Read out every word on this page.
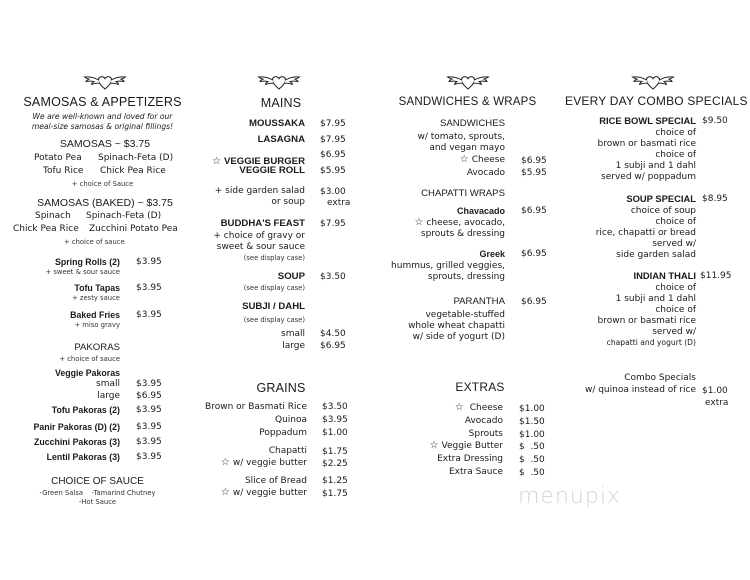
SAMOSAS & APPETIZERS
We are well-known and loved for our
meal-size samosas & original fillings!
SAMOSAS ~ $3.75
Potato Pea Spinach-Feta (D)
Tofu Rice Chick Pea Rice
+ choice of Sauce
SAMOSAS (BAKED) ~ $3.75
Spinach Spinach-Feta (D)
Chick Pea Rice Zucchini Potato Pea
+ choice of sauce
Spring Rolls (2) $3.95
+ sweet & sour sauce
Tofu Tapas $3.95
+ zesty sauce
Baked Fries $3.95
+ miso gravy
PAKORAS
+ choice of sauce
Veggie Pakoras
small $3.95
large $6.95
Tofu Pakoras (2) $3.95
Panir Pakoras (D) (2) $3.95
Zucchini Pakoras (3) $3.95
Lentil Pakoras (3) $3.95
CHOICE OF SAUCE
-Green Salsa    -Tamarind Chutney
-Hot Sauce
MAINS
MOUSSAKA $7.95
LASAGNA $7.95
☆ VEGGIE BURGER
$6.95
VEGGIE ROLL $5.95
+ side garden salad
or soup
$3.00
extra
BUDDHA'S FEAST $7.95
+ choice of gravy or
sweet & sour sauce
(see display case)
SOUP $3.50
(see display case)
SUBJI / DAHL
(see display case)
small $4.50
large $6.95
GRAINS
Brown or Basmati Rice $3.50
Quinoa $3.95
Poppadum $1.00
Chapatti $1.75
☆ w/ veggie butter $2.25
Slice of Bread $1.25
☆ w/ veggie butter $1.75
SANDWICHES & WRAPS
SANDWICHES
w/ tomato, sprouts,
and vegan mayo
☆ Cheese $6.95
Avocado $5.95
CHAPATTI WRAPS
Chavacado $6.95
☆ cheese, avocado,
sprouts & dressing
Greek $6.95
hummus, grilled veggies,
sprouts, dressing
PARANTHA $6.95
vegetable-stuffed
whole wheat chapatti
w/ side of yogurt (D)
EXTRAS
☆ Cheese $1.00
Avocado $1.50
Sprouts $1.00
☆ Veggie Butter $  .50
Extra Dressing $  .50
Extra Sauce $  .50
EVERY DAY COMBO SPECIALS
RICE BOWL SPECIAL $9.50
choice of
brown or basmati rice
choice of
1 subji and 1 dahl
served w/ poppadum
SOUP SPECIAL $8.95
choice of soup
choice of
rice, chapatti or bread
served w/
side garden salad
INDIAN THALI $11.95
choice of
1 subji and 1 dahl
choice of
brown or basmati rice
served w/
chapatti and yogurt (D)
Combo Specials
w/ quinoa instead of rice $1.00
extra
menupix
